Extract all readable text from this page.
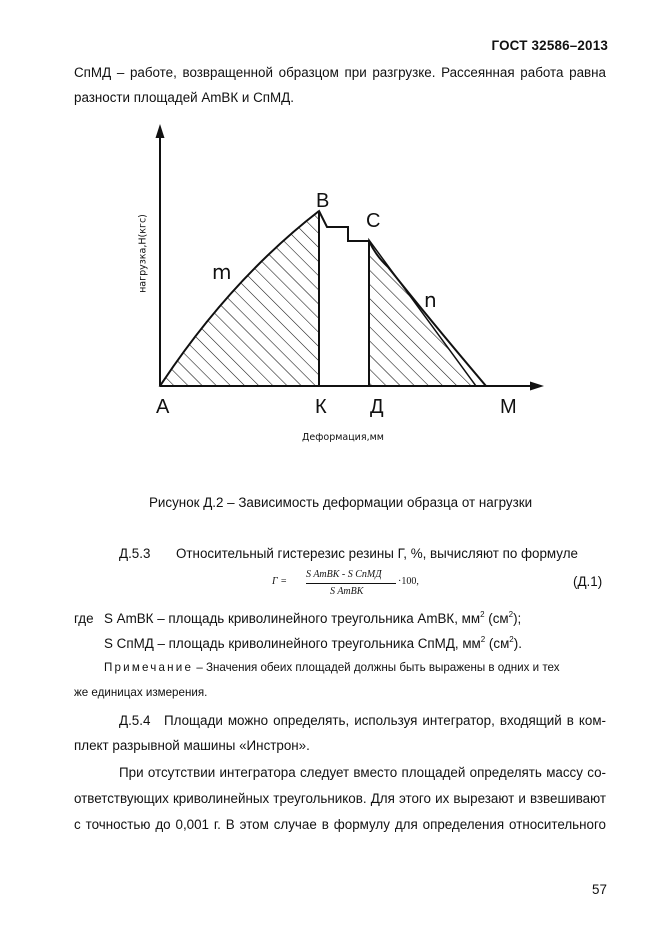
ГОСТ 32586–2013
СпМД – работе, возвращенной образцом при разгрузке. Рассеянная работа равна
разности площадей АmВК и СпМД.
нагрузка,Н(кгс)
В
С
m
n
А	К Д	М
Деформация,мм
Рисунок Д.2 – Зависимость деформации образца от нагрузки
Д.5.3 Относительный гистерезис резины Г, %, вычисляют по формуле
Г =
S AmBK - S CпМД
S AmBK
·100,	(Д.1)
где S АmВК – площадь криволинейного треугольника АmВК, $мм^2$ $(см^2)$;
S СпМД – площадь криволинейного треугольника СпМД, $мм^2$ $(см^2)$.
Примечание – Значения обеих площадей должны быть выражены в одних и тех
же единицах измерения.
Д.5.4 Площади можно определять, используя интегратор, входящий в ком-
плект разрывной машины «Инстрон».
При отсутствии интегратора следует вместо площадей определять массу со-
ответствующих криволинейных треугольников. Для этого их вырезают и взвешивают
с точностью до 0,001 г. В этом случае в формулу для определения относительного
57
